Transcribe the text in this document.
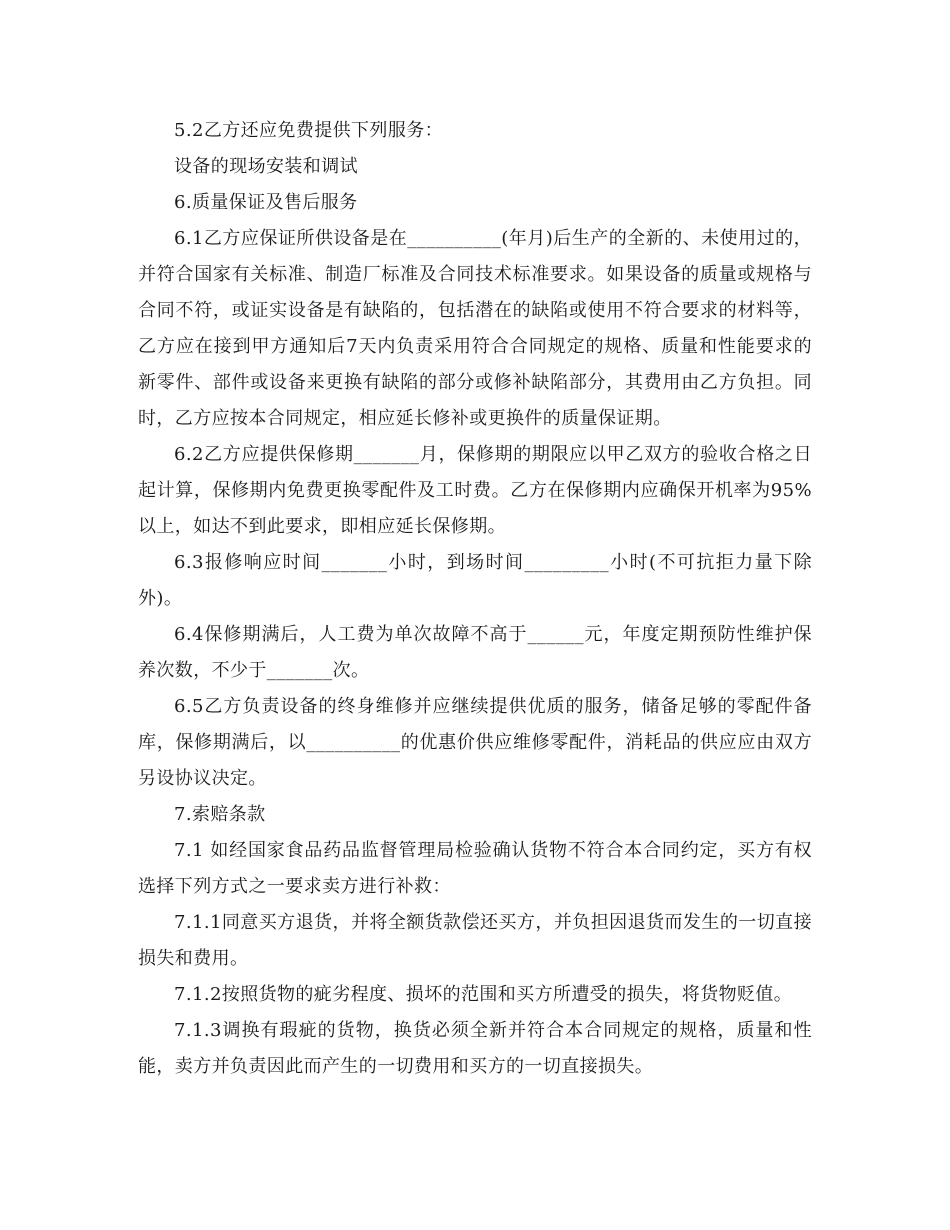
5.2乙方还应免费提供下列服务：

设备的现场安装和调试

6.质量保证及售后服务

6.1乙方应保证所供设备是在__________(年月)后生产的全新的、未使用过的，并符合国家有关标准、制造厂标准及合同技术标准要求。如果设备的质量或规格与合同不符，或证实设备是有缺陷的，包括潜在的缺陷或使用不符合要求的材料等，乙方应在接到甲方通知后7天内负责采用符合合同规定的规格、质量和性能要求的新零件、部件或设备来更换有缺陷的部分或修补缺陷部分，其费用由乙方负担。同时，乙方应按本合同规定，相应延长修补或更换件的质量保证期。

6.2乙方应提供保修期_______月，保修期的期限应以甲乙双方的验收合格之日起计算，保修期内免费更换零配件及工时费。乙方在保修期内应确保开机率为95%以上，如达不到此要求，即相应延长保修期。

6.3报修响应时间_______小时，到场时间_________小时(不可抗拒力量下除外)。

6.4保修期满后，人工费为单次故障不高于______元，年度定期预防性维护保养次数，不少于_______次。

6.5乙方负责设备的终身维修并应继续提供优质的服务，储备足够的零配件备库，保修期满后，以__________的优惠价供应维修零配件，消耗品的供应应由双方另设协议决定。

7.索赔条款

7.1 如经国家食品药品监督管理局检验确认货物不符合本合同约定，买方有权选择下列方式之一要求卖方进行补救：

7.1.1同意买方退货，并将全额货款偿还买方，并负担因退货而发生的一切直接损失和费用。

7.1.2按照货物的疵劣程度、损坏的范围和买方所遭受的损失，将货物贬值。

7.1.3调换有瑕疵的货物，换货必须全新并符合本合同规定的规格，质量和性能，卖方并负责因此而产生的一切费用和买方的一切直接损失。
